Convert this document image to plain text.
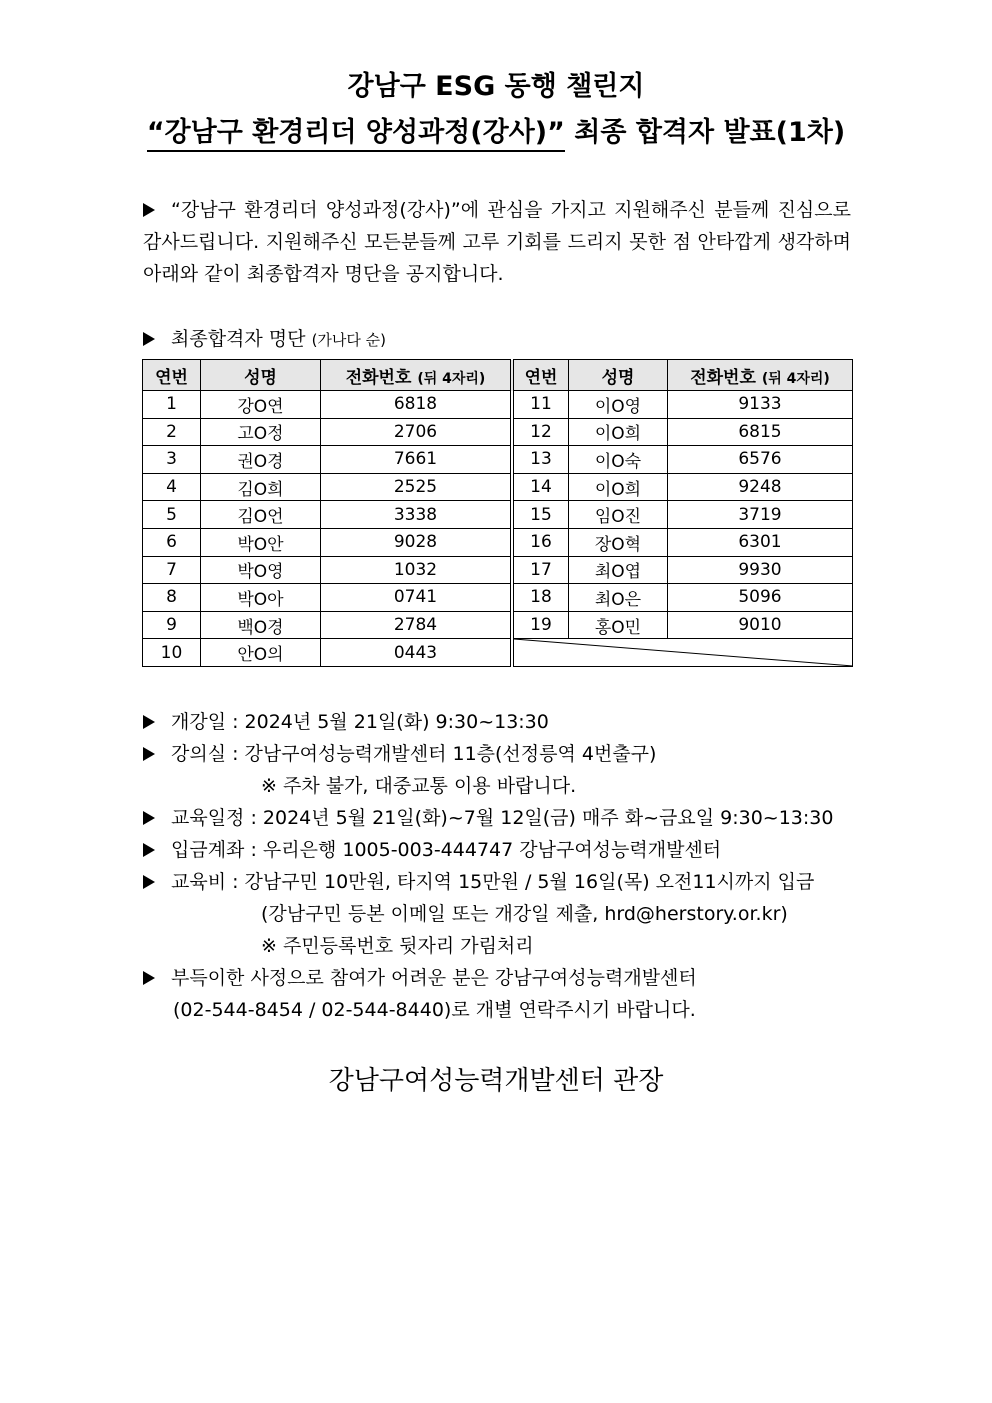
강남구 ESG 동행 챌린지
“강남구 환경리더 양성과정(강사)” 최종 합격자 발표(1차)
“강남구 환경리더 양성과정(강사)”에 관심을 가지고 지원해주신 분들께 진심으로 감사드립니다. 지원해주신 모든분들께 고루 기회를 드리지 못한 점 안타깝게 생각하며 아래와 같이 최종합격자 명단을 공지합니다.
최종합격자 명단 (가나다 순)
연번	성명	전화번호 (뒤 4자리)		연번	성명	전화번호 (뒤 4자리)
1	강O연	6818		11	이O영	9133
2	고O정	2706		12	이O희	6815
3	권O경	7661		13	이O숙	6576
4	김O희	2525		14	이O희	9248
5	김O언	3338		15	임O진	3719
6	박O안	9028		16	장O혁	6301
7	박O영	1032		17	최O엽	9930
8	박O아	0741		18	최O은	5096
9	백O경	2784		19	홍O민	9010
10	안O의	0443		
개강일 : 2024년 5월 21일(화) 9:30~13:30
강의실 : 강남구여성능력개발센터 11층(선정릉역 4번출구)
※ 주차 불가, 대중교통 이용 바랍니다.
교육일정 : 2024년 5월 21일(화)~7월 12일(금) 매주 화~금요일 9:30~13:30
입금계좌 : 우리은행 1005-003-444747 강남구여성능력개발센터
교육비 : 강남구민 10만원, 타지역 15만원 / 5월 16일(목) 오전11시까지 입금
(강남구민 등본 이메일 또는 개강일 제출, hrd@herstory.or.kr)
※ 주민등록번호 뒷자리 가림처리
부득이한 사정으로 참여가 어려운 분은 강남구여성능력개발센터
(02-544-8454 / 02-544-8440)로 개별 연락주시기 바랍니다.
강남구여성능력개발센터 관장
